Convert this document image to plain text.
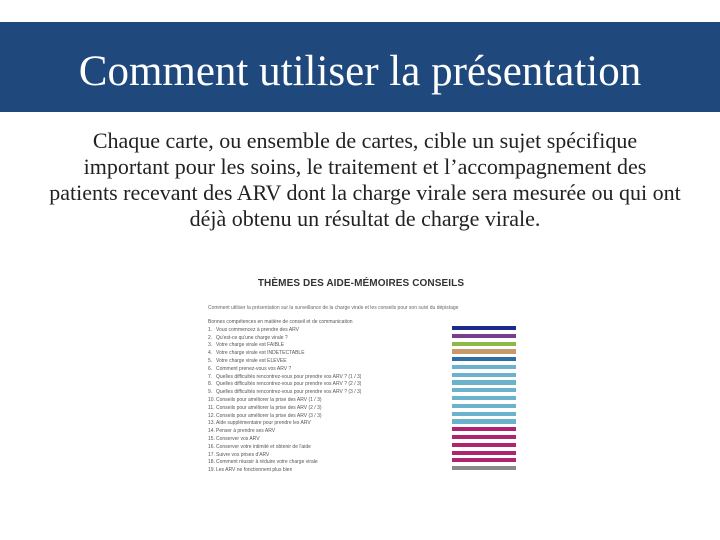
Comment utiliser la présentation

Chaque carte, ou ensemble de cartes, cible un sujet spécifique important pour les soins, le traitement et l’accompagnement des patients recevant des ARV dont la charge virale sera mesurée ou qui ont déjà obtenu un résultat de charge virale.

THÈMES DES AIDE-MÉMOIRES CONSEILS

Comment utiliser la présentation sur la surveillance de la charge virale et les conseils pour son suivi du dépistage

Bonnes compétences en matière de conseil et de communication

1. Vous commencez à prendre des ARV
2. Qu'est-ce qu'une charge virale ?
3. Votre charge virale est FAIBLE
4. Votre charge virale est INDÉTECTABLE
5. Votre charge virale est ÉLEVÉE
6. Comment prenez-vous vos ARV ?
7. Quelles difficultés rencontrez-vous pour prendre vos ARV ? (1 / 3)
8. Quelles difficultés rencontrez-vous pour prendre vos ARV ? (2 / 3)
9. Quelles difficultés rencontrez-vous pour prendre vos ARV ? (3 / 3)
10. Conseils pour améliorer la prise des ARV (1 / 3)
11. Conseils pour améliorer la prise des ARV (2 / 3)
12. Conseils pour améliorer la prise des ARV (3 / 3)
13. Aide supplémentaire pour prendre les ARV
14. Penser à prendre ses ARV
15. Conserver vos ARV
16. Conserver votre intimité et obtenir de l'aide
17. Suivre vos prises d'ARV
18. Comment réussir à réduire votre charge virale
19. Les ARV ne fonctionnent plus bien
